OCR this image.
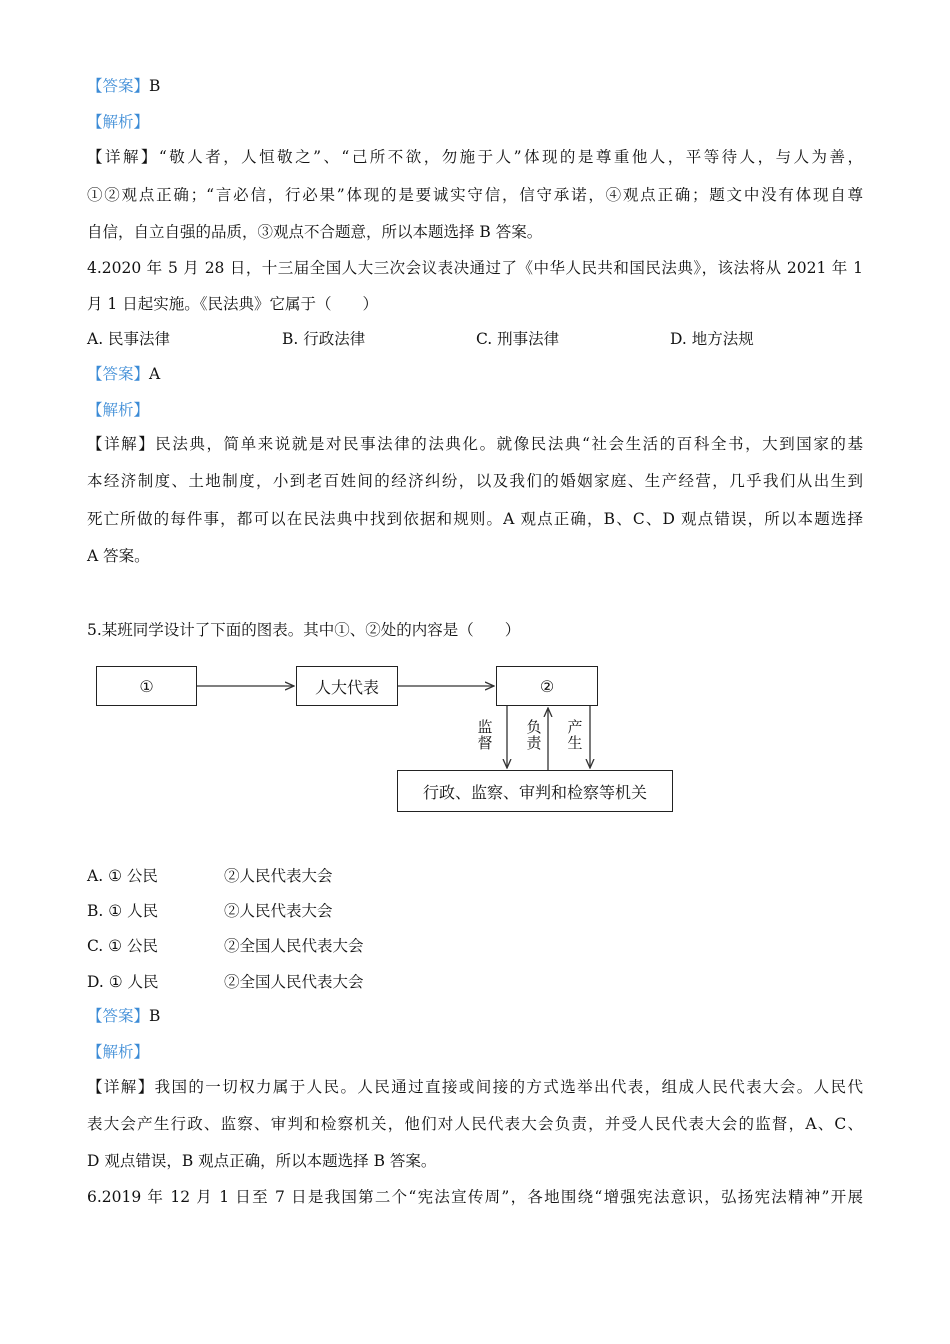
【答案】B
【解析】
【详解】“敬人者，人恒敬之”、“己所不欲，勿施于人”体现的是尊重他人，平等待人，与人为善，
①②观点正确；“言必信，行必果”体现的是要诚实守信，信守承诺，④观点正确；题文中没有体现自尊
自信，自立自强的品质，③观点不合题意，所以本题选择 B 答案。
4.2020 年 5 月 28 日，十三届全国人大三次会议表决通过了《中华人民共和国民法典》，该法将从 2021 年 1
月 1 日起实施。《民法典》它属于（　　）
A. 民事法律	B. 行政法律	C. 刑事法律	D. 地方法规
【答案】A
【解析】
【详解】民法典，简单来说就是对民事法律的法典化。就像民法典“社会生活的百科全书，大到国家的基
本经济制度、土地制度，小到老百姓间的经济纠纷，以及我们的婚姻家庭、生产经营，几乎我们从出生到
死亡所做的每件事，都可以在民法典中找到依据和规则。A 观点正确，B、C、D 观点错误，所以本题选择
A 答案。
5.某班同学设计了下面的图表。其中①、②处的内容是（　　）
①	人大代表	②
行政、监察、审判和检察等机关
监督
负责
产生
A. ① 公民	②人民代表大会
B. ① 人民	②人民代表大会
C. ① 公民	②全国人民代表大会
D. ① 人民	②全国人民代表大会
【答案】B
【解析】
【详解】我国的一切权力属于人民。人民通过直接或间接的方式选举出代表，组成人民代表大会。人民代
表大会产生行政、监察、审判和检察机关，他们对人民代表大会负责，并受人民代表大会的监督，A、C、
D 观点错误，B 观点正确，所以本题选择 B 答案。
6.2019 年 12 月 1 日至 7 日是我国第二个“宪法宣传周”，各地围绕“增强宪法意识，弘扬宪法精神”开展
